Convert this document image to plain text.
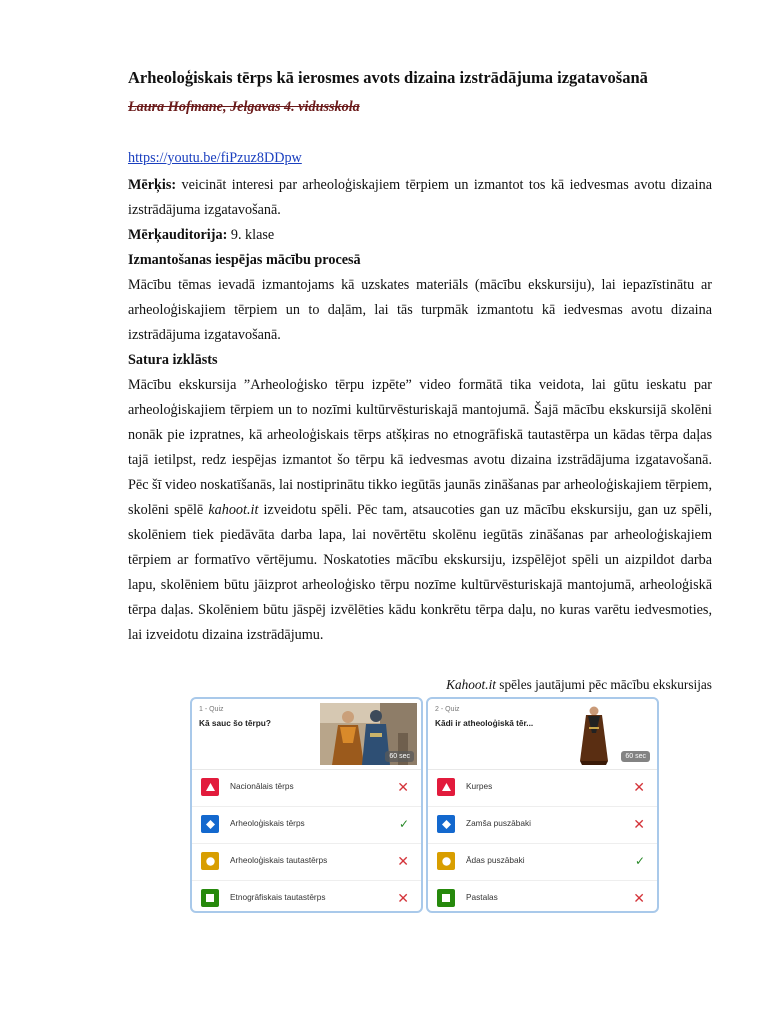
Arheoloģiskais tērps kā ierosmes avots dizaina izstrādājuma izgatavošanā
Laura Hofmane, Jelgavas 4. vidusskola
https://youtu.be/fiPzuz8DDpw
Mērķis: veicināt interesi par arheoloģiskajiem tērpiem un izmantot tos kā iedvesmas avotu dizaina izstrādājuma izgatavošanā.
Mērķauditorija: 9. klase
Izmantošanas iespējas mācību procesā
Mācību tēmas ievadā izmantojams kā uzskates materiāls (mācību ekskursiju), lai iepazīstinātu ar arheoloģiskajiem tērpiem un to daļām, lai tās turpmāk izmantotu kā iedvesmas avotu dizaina izstrādājuma izgatavošanā.
Satura izklāsts
Mācību ekskursija ”Arheoloģisko tērpu izpēte” video formātā tika veidota, lai gūtu ieskatu par arheoloģiskajiem tērpiem un to nozīmi kultūrvēsturiskajā mantojumā. Šajā mācību ekskursijā skolēni nonāk pie izpratnes, kā arheoloģiskais tērps atšķiras no etnogrāfiskā tautastērpa un kādas tērpa daļas tajā ietilpst, redz iespējas izmantot šo tērpu kā iedvesmas avotu dizaina izstrādājuma izgatavošanā. Pēc šī video noskatīšanās, lai nostiprinātu tikko iegūtās jaunās zināšanas par arheoloģiskajiem tērpiem, skolēni spēlē kahoot.it izveidotu spēli. Pēc tam, atsaucoties gan uz mācību ekskursiju, gan uz spēli, skolēniem tiek piedāvāta darba lapa, lai novērtētu skolēnu iegūtās zināšanas par arheoloģiskajiem tērpiem ar formatīvo vērtējumu. Noskatoties mācību ekskursiju, izspēlējot spēli un aizpildot darba lapu, skolēniem būtu jāizprot arheoloģisko tērpu nozīme kultūrvēsturiskajā mantojumā, arheoloģiskā tērpa daļas. Skolēniem būtu jāspēj izvēlēties kādu konkrētu tērpa daļu, no kuras varētu iedvesmoties, lai izveidotu dizaina izstrādājumu.
Kahoot.it spēles jautājumi pēc mācību ekskursijas
1 - Quiz
Kā sauc šo tērpu?
60 sec
Nacionālais tērps	✕
Arheoloģiskais tērps	✓
Arheoloģiskais tautastērps	✕
Etnogrāfiskais tautastērps	✕
2 - Quiz
Kādi ir atheoloģiskā tēr...
60 sec
Kurpes	✕
Zamša puszābaki	✕
Ādas puszābaki	✓
Pastalas	✕
